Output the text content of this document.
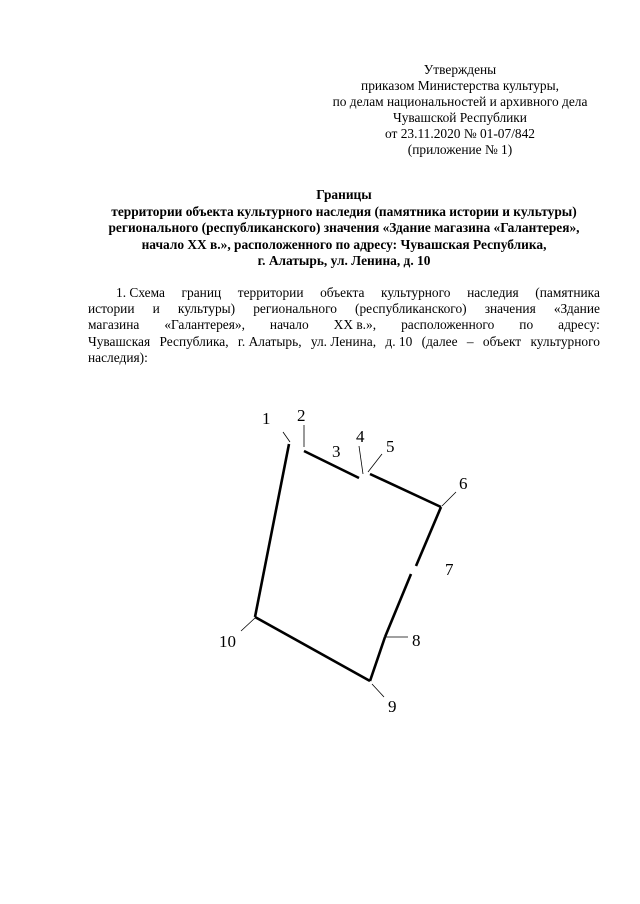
Утверждены
приказом Министерства культуры,
по делам национальностей и архивного дела
Чувашской Республики
от 23.11.2020 № 01-07/842
(приложение № 1)
Границы
территории объекта культурного наследия (памятника истории и культуры)
регионального (республиканского) значения «Здание магазина «Галантерея»,
начало XX в.», расположенного по адресу: Чувашская Республика,
г. Алатырь, ул. Ленина, д. 10
1. Схема границ территории объекта культурного наследия (памятника
истории и культуры) регионального (республиканского) значения «Здание
магазина «Галантерея», начало XX в.», расположенного по адресу:
Чувашская Республика, г. Алатырь, ул. Ленина, д. 10 (далее – объект культурного
наследия):
1 2
3
4
5
6
7
8
9
10
